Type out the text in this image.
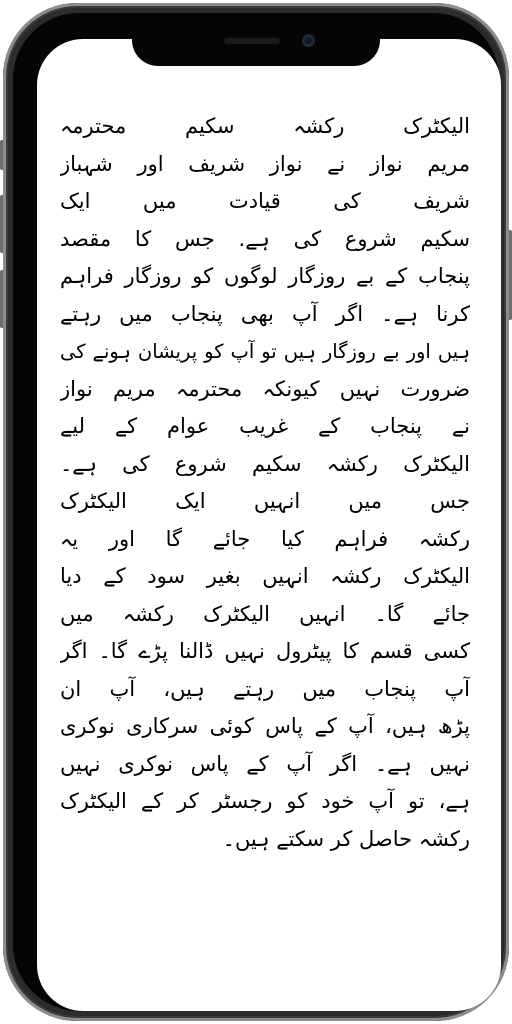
الیکٹرک رکشہ سکیم محترمہ
مریم نواز نے نواز شریف اور شہباز
شریف کی قیادت میں ایک
سکیم شروع کی ہے. جس کا مقصد
پنجاب کے بے روزگار لوگوں کو روزگار فراہم
کرنا ہے۔ اگر آپ بھی پنجاب میں رہتے
ہیں اور بے روزگار ہیں تو آپ کو پریشان ہونے کی
ضرورت نہیں کیونکہ محترمہ مریم نواز
نے پنجاب کے غریب عوام کے لیے
الیکٹرک رکشہ سکیم شروع کی ہے۔
جس میں انہیں ایک الیکٹرک
رکشہ فراہم کیا جائے گا اور یہ
الیکٹرک رکشہ انہیں بغیر سود کے دیا
جائے گا۔ انہیں الیکٹرک رکشہ میں
کسی قسم کا پیٹرول نہیں ڈالنا پڑے گا۔ اگر
آپ پنجاب میں رہتے ہیں، آپ ان
پڑھ ہیں، آپ کے پاس کوئی سرکاری نوکری
نہیں ہے۔ اگر آپ کے پاس نوکری نہیں
ہے، تو آپ خود کو رجسٹر کر کے الیکٹرک
رکشہ حاصل کر سکتے ہیں۔
